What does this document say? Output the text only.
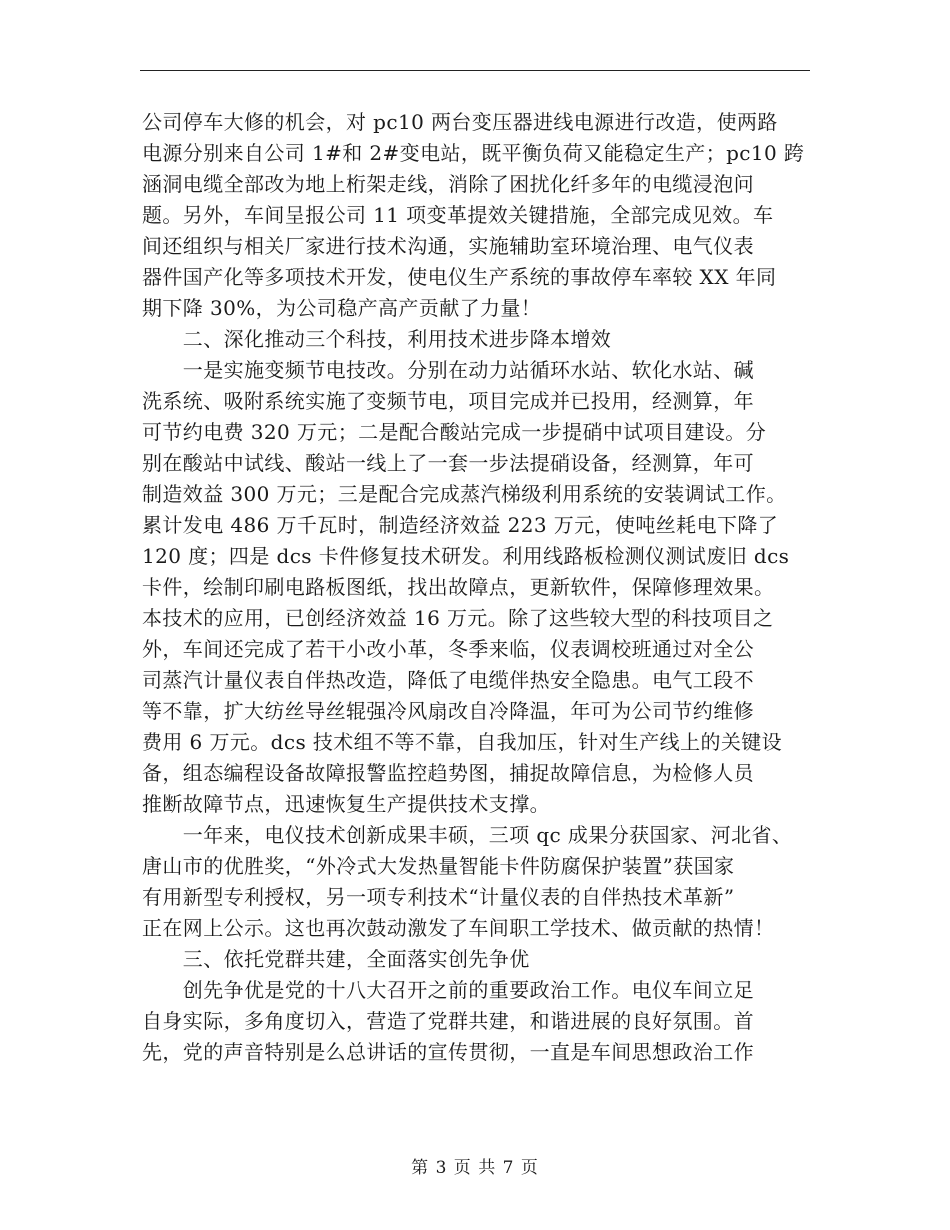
公司停车大修的机会，对 pc10 两台变压器进线电源进行改造，使两路
电源分别来自公司 1#和 2#变电站，既平衡负荷又能稳定生产；pc10 跨
涵洞电缆全部改为地上桁架走线，消除了困扰化纤多年的电缆浸泡问
题。另外，车间呈报公司 11 项变革提效关键措施，全部完成见效。车
间还组织与相关厂家进行技术沟通，实施辅助室环境治理、电气仪表
器件国产化等多项技术开发，使电仪生产系统的事故停车率较 XX 年同
期下降 30%，为公司稳产高产贡献了力量！
　　二、深化推动三个科技，利用技术进步降本增效
　　一是实施变频节电技改。分别在动力站循环水站、软化水站、碱
洗系统、吸附系统实施了变频节电，项目完成并已投用，经测算，年
可节约电费 320 万元；二是配合酸站完成一步提硝中试项目建设。分
别在酸站中试线、酸站一线上了一套一步法提硝设备，经测算，年可
制造效益 300 万元；三是配合完成蒸汽梯级利用系统的安装调试工作。
累计发电 486 万千瓦时，制造经济效益 223 万元，使吨丝耗电下降了
120 度；四是 dcs 卡件修复技术研发。利用线路板检测仪测试废旧 dcs
卡件，绘制印刷电路板图纸，找出故障点，更新软件，保障修理效果。
本技术的应用，已创经济效益 16 万元。除了这些较大型的科技项目之
外，车间还完成了若干小改小革，冬季来临，仪表调校班通过对全公
司蒸汽计量仪表自伴热改造，降低了电缆伴热安全隐患。电气工段不
等不靠，扩大纺丝导丝辊强冷风扇改自冷降温，年可为公司节约维修
费用 6 万元。dcs 技术组不等不靠，自我加压，针对生产线上的关键设
备，组态编程设备故障报警监控趋势图，捕捉故障信息，为检修人员
推断故障节点，迅速恢复生产提供技术支撑。
　　一年来，电仪技术创新成果丰硕，三项 qc 成果分获国家、河北省、
唐山市的优胜奖，“外冷式大发热量智能卡件防腐保护装置”获国家
有用新型专利授权，另一项专利技术“计量仪表的自伴热技术革新”
正在网上公示。这也再次鼓动激发了车间职工学技术、做贡献的热情！
　　三、依托党群共建，全面落实创先争优
　　创先争优是党的十八大召开之前的重要政治工作。电仪车间立足
自身实际，多角度切入，营造了党群共建，和谐进展的良好氛围。首
先，党的声音特别是么总讲话的宣传贯彻，一直是车间思想政治工作
第 3 页 共 7 页
